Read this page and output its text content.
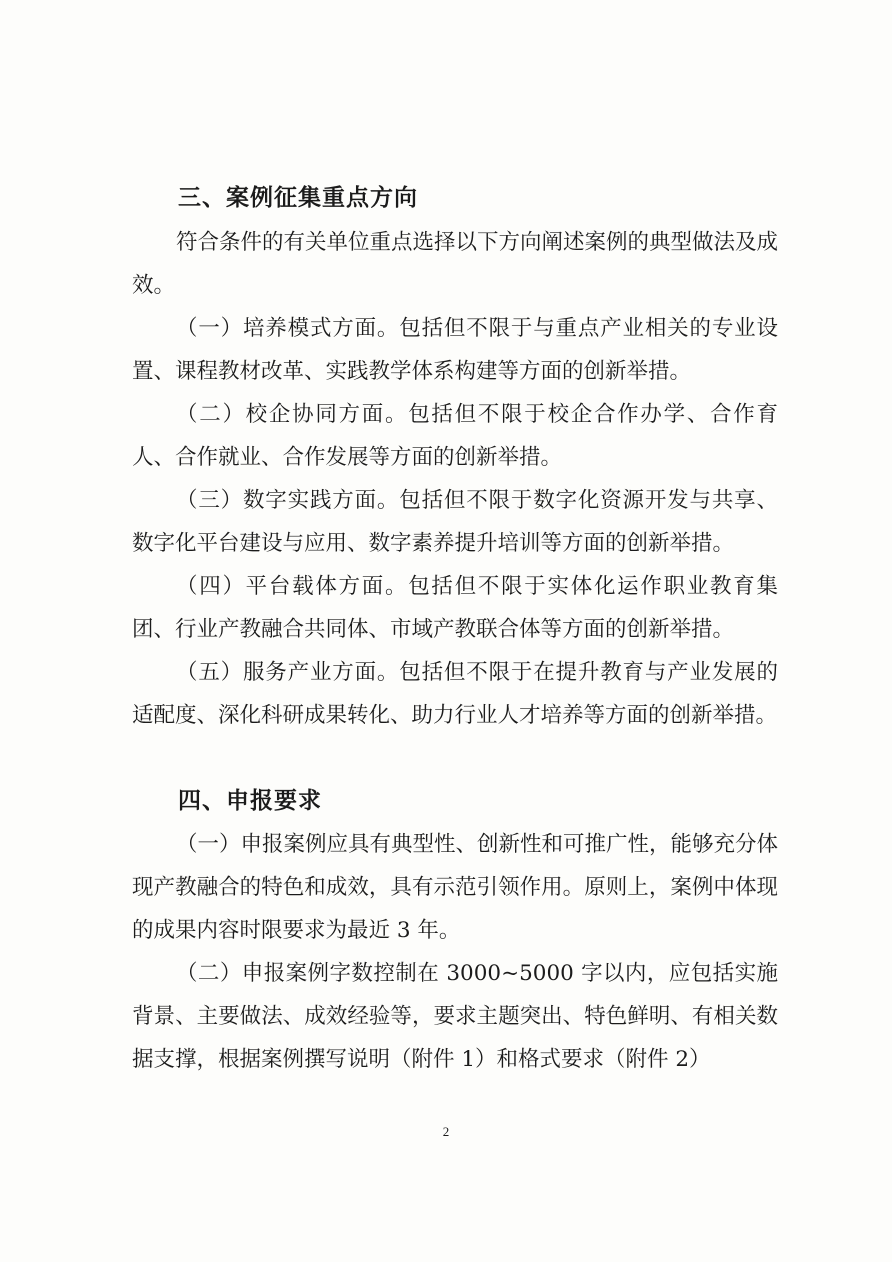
三、案例征集重点方向

符合条件的有关单位重点选择以下方向阐述案例的典型做法及成效。

（一）培养模式方面。包括但不限于与重点产业相关的专业设置、课程教材改革、实践教学体系构建等方面的创新举措。

（二）校企协同方面。包括但不限于校企合作办学、合作育人、合作就业、合作发展等方面的创新举措。

（三）数字实践方面。包括但不限于数字化资源开发与共享、数字化平台建设与应用、数字素养提升培训等方面的创新举措。

（四）平台载体方面。包括但不限于实体化运作职业教育集团、行业产教融合共同体、市域产教联合体等方面的创新举措。

（五）服务产业方面。包括但不限于在提升教育与产业发展的适配度、深化科研成果转化、助力行业人才培养等方面的创新举措。

四、申报要求

（一）申报案例应具有典型性、创新性和可推广性，能够充分体现产教融合的特色和成效，具有示范引领作用。原则上，案例中体现的成果内容时限要求为最近 3 年。

（二）申报案例字数控制在 3000~5000 字以内，应包括实施背景、主要做法、成效经验等，要求主题突出、特色鲜明、有相关数据支撑，根据案例撰写说明（附件 1）和格式要求（附件 2）

2
